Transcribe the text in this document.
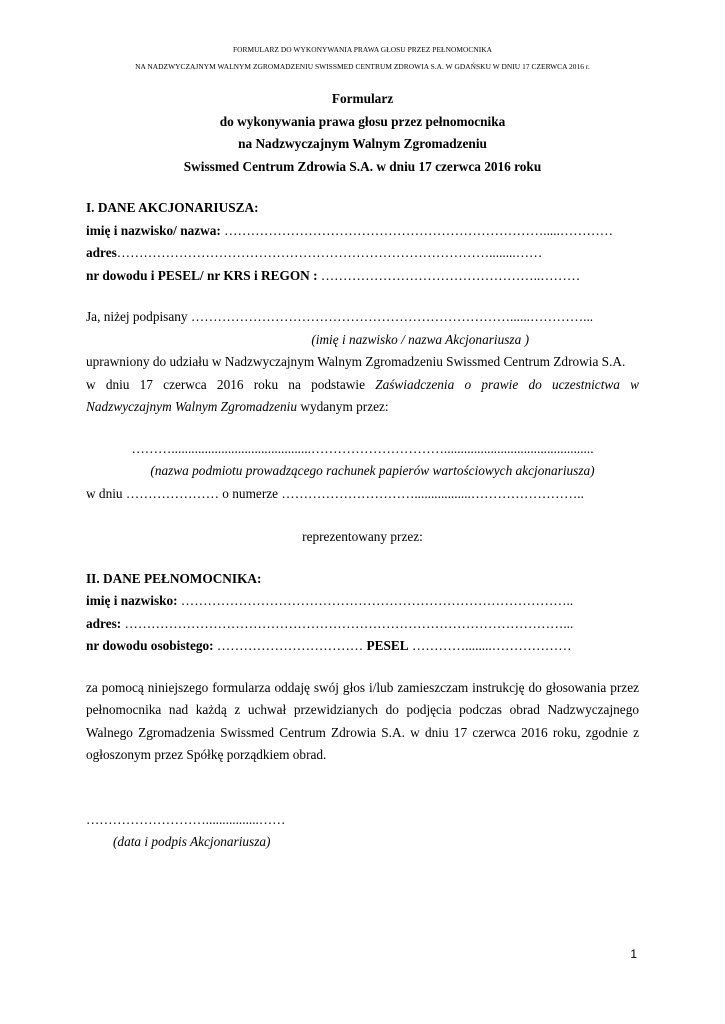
FORMULARZ DO WYKONYWANIA PRAWA GŁOSU PRZEZ PEŁNOMOCNIKA
NA NADZWYCZAJNYM WALNYM ZGROMADZENIU SWISSMED CENTRUM ZDROWIA S.A. W GDAŃSKU W DNIU 17 CZERWCA 2016 r.
Formularz
do wykonywania prawa głosu przez pełnomocnika
na Nadzwyczajnym Walnym Zgromadzeniu
Swissmed Centrum Zdrowia S.A. w dniu 17 czerwca 2016 roku
I. DANE AKCJONARIUSZA:
imię i nazwisko/ nazwa: ……………………………………………………………….....…………
adres…………………………………………………………………………........……
nr dowodu i PESEL/ nr KRS i REGON : …………………………………………..………
Ja, niżej podpisany ………………………………………………………………......…………...
(imię i nazwisko / nazwa Akcjonariusza )
uprawniony do udziału w Nadzwyczajnym Walnym Zgromadzeniu Swissmed Centrum Zdrowia S.A.
w dniu 17 czerwca 2016 roku na podstawie Zaświadczenia o prawie do uczestnictwa w
Nadzwyczajnym Walnym Zgromadzeniu wydanym przez:
………..........................................………………………….............................................
(nazwa podmiotu prowadzącego rachunek papierów wartościowych akcjonariusza)
w dniu ………………… o numerze ………………………….................……………………..
reprezentowany przez:
II. DANE PEŁNOMOCNIKA:
imię i nazwisko: ……………………………………………………………………………..
adres: ………………………………………………………………………………………...
nr dowodu osobistego: …………………………… PESEL …………........………………
za pomocą niniejszego formularza oddaję swój głos i/lub zamieszczam instrukcję do głosowania przez
pełnomocnika nad każdą z uchwał przewidzianych do podjęcia podczas obrad Nadzwyczajnego
Walnego Zgromadzenia Swissmed Centrum Zdrowia S.A. w dniu 17 czerwca 2016 roku, zgodnie z
ogłoszonym przez Spółkę porządkiem obrad.
………………………................……
(data i podpis Akcjonariusza)
1
